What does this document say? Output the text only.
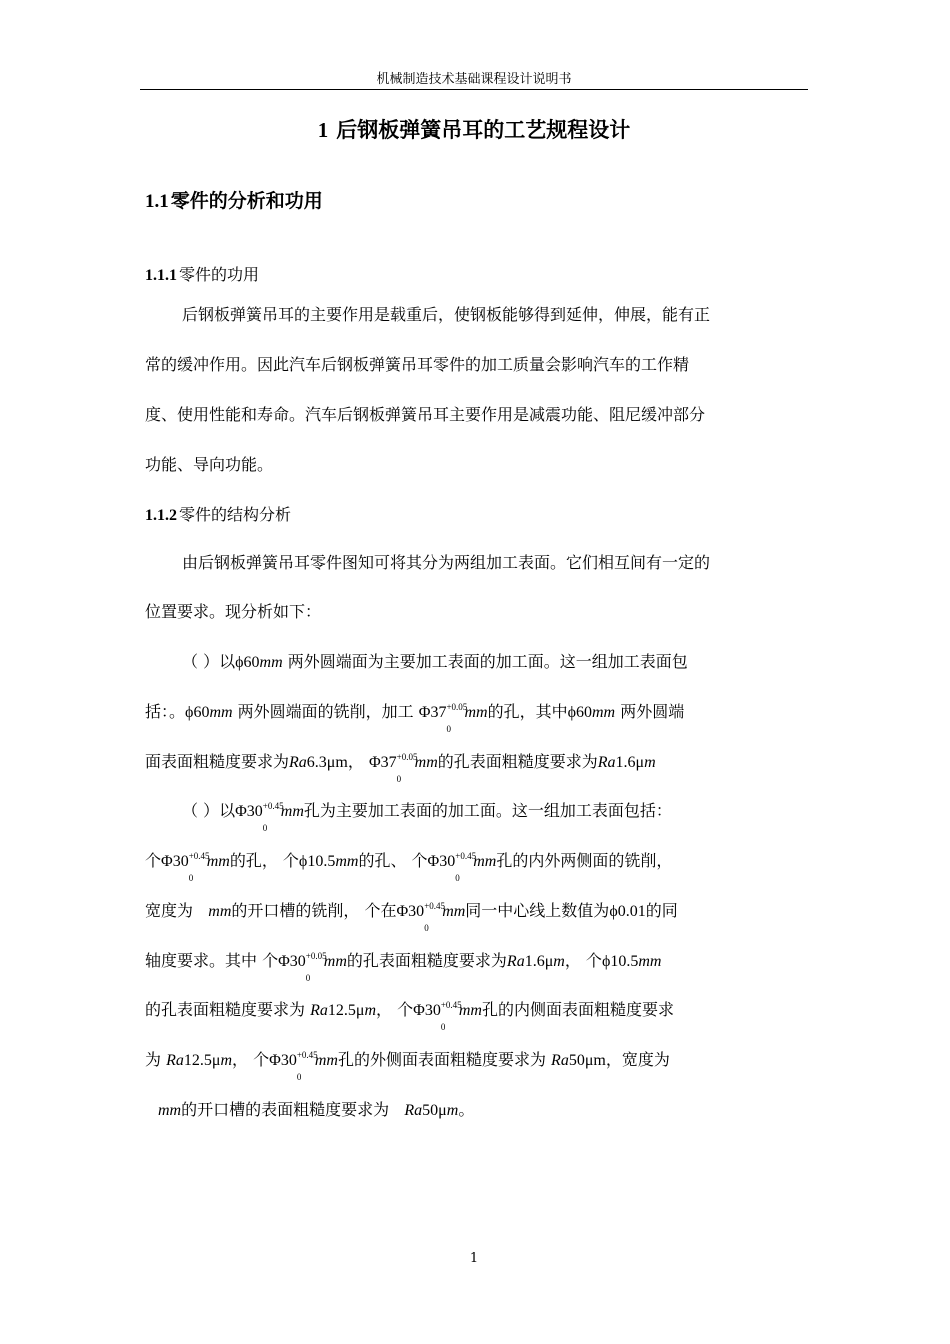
机械制造技术基础课程设计说明书
1 后钢板弹簧吊耳的工艺规程设计
1.1 零件的分析和功用
1.1.1 零件的功用
后钢板弹簧吊耳的主要作用是载重后，使钢板能够得到延伸，伸展，能有正
常的缓冲作用。因此汽车后钢板弹簧吊耳零件的加工质量会影响汽车的工作精
度、使用性能和寿命。汽车后钢板弹簧吊耳主要作用是减震功能、阻尼缓冲部分
功能、导向功能。
1.1.2 零件的结构分析
由后钢板弹簧吊耳零件图知可将其分为两组加工表面。它们相互间有一定的
位置要求。现分析如下：
（ ）以ϕ60mm 两外圆端面为主要加工表面的加工面。这一组加工表面包
括：。ϕ60mm 两外圆端面的铣削，加工 Φ37 +0.05
0
mm的孔，其中ϕ60mm 两外圆端
面表面粗糙度要求为Ra6.3μm， Φ37 +0.05
0
mm的孔表面粗糙度要求为Ra1.6μm
（ ）以Φ30 +0.45
0
mm孔为主要加工表面的加工面。这一组加工表面包括：
个Φ30 +0.45
0
mm的孔， 个ϕ10.5mm的孔、 个Φ30 +0.45
0
mm孔的内外两侧面的铣削，
宽度为 mm的开口槽的铣削， 个在Φ30 +0.45
0
mm同一中心线上数值为ϕ0.01的同
轴度要求。其中 个Φ30 +0.05
0
mm的孔表面粗糙度要求为Ra1.6μm， 个ϕ10.5mm
的孔表面粗糙度要求为 Ra12.5μm， 个Φ30 +0.45
0
mm孔的内侧面表面粗糙度要求
为 Ra12.5μm， 个Φ30 +0.45
0
mm孔的外侧面表面粗糙度要求为 Ra50μm，宽度为
mm的开口槽的表面粗糙度要求为 Ra50μm。
1
